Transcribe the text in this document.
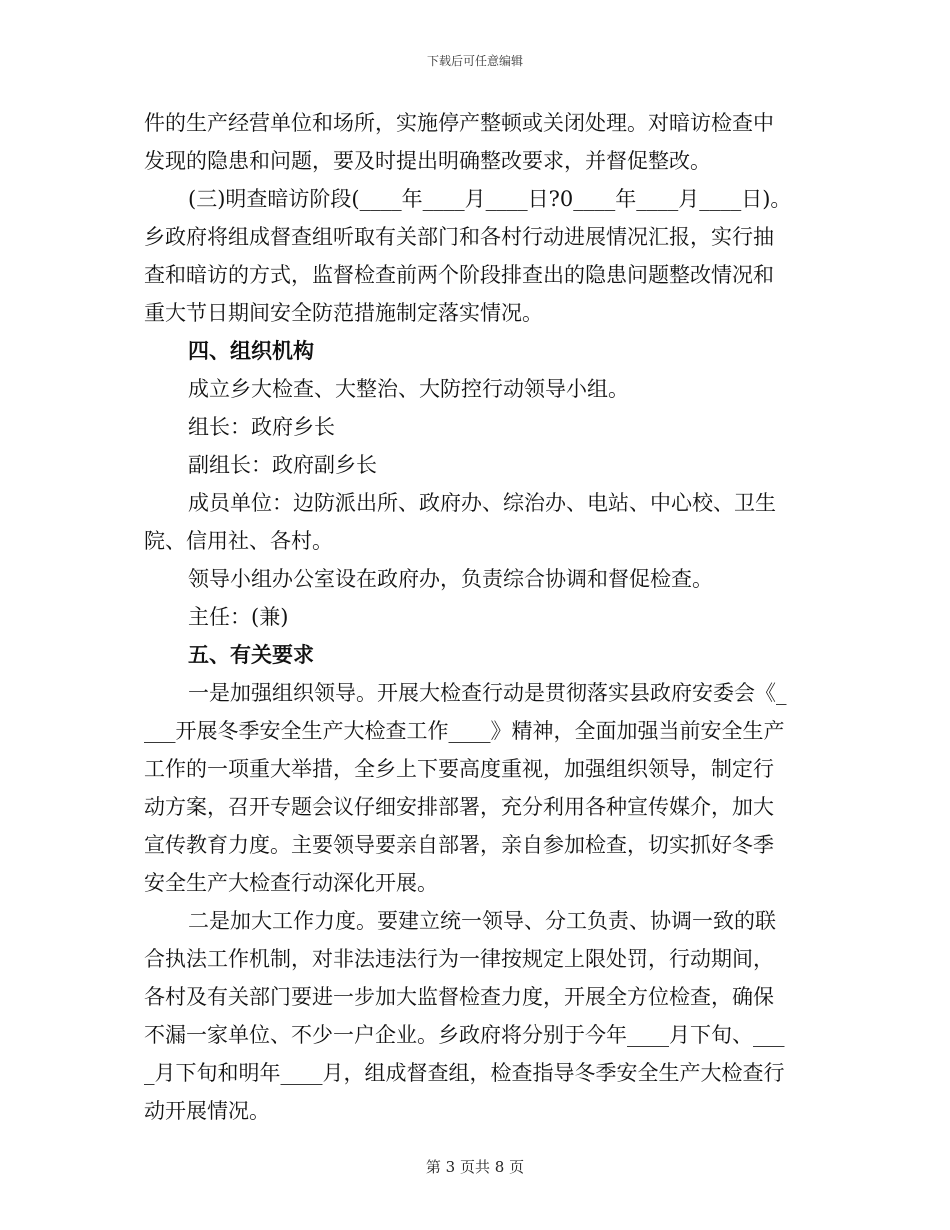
下载后可任意编辑
件的生产经营单位和场所，实施停产整顿或关闭处理。对暗访检查中
发现的隐患和问题，要及时提出明确整改要求，并督促整改。
(三)明查暗访阶段(____年____月____日?0____年____月____日)。
乡政府将组成督查组听取有关部门和各村行动进展情况汇报，实行抽
查和暗访的方式，监督检查前两个阶段排查出的隐患问题整改情况和
重大节日期间安全防范措施制定落实情况。
四、组织机构
成立乡大检查、大整治、大防控行动领导小组。
组长：政府乡长
副组长：政府副乡长
成员单位：边防派出所、政府办、综治办、电站、中心校、卫生
院、信用社、各村。
领导小组办公室设在政府办，负责综合协调和督促检查。
主任：(兼)
五、有关要求
一是加强组织领导。开展大检查行动是贯彻落实县政府安委会《_
___开展冬季安全生产大检查工作____》精神，全面加强当前安全生产
工作的一项重大举措，全乡上下要高度重视，加强组织领导，制定行
动方案，召开专题会议仔细安排部署，充分利用各种宣传媒介，加大
宣传教育力度。主要领导要亲自部署，亲自参加检查，切实抓好冬季
安全生产大检查行动深化开展。
二是加大工作力度。要建立统一领导、分工负责、协调一致的联
合执法工作机制，对非法违法行为一律按规定上限处罚，行动期间，
各村及有关部门要进一步加大监督检查力度，开展全方位检查，确保
不漏一家单位、不少一户企业。乡政府将分别于今年____月下旬、___
_月下旬和明年____月，组成督查组，检查指导冬季安全生产大检查行
动开展情况。
第 3 页共 8 页
